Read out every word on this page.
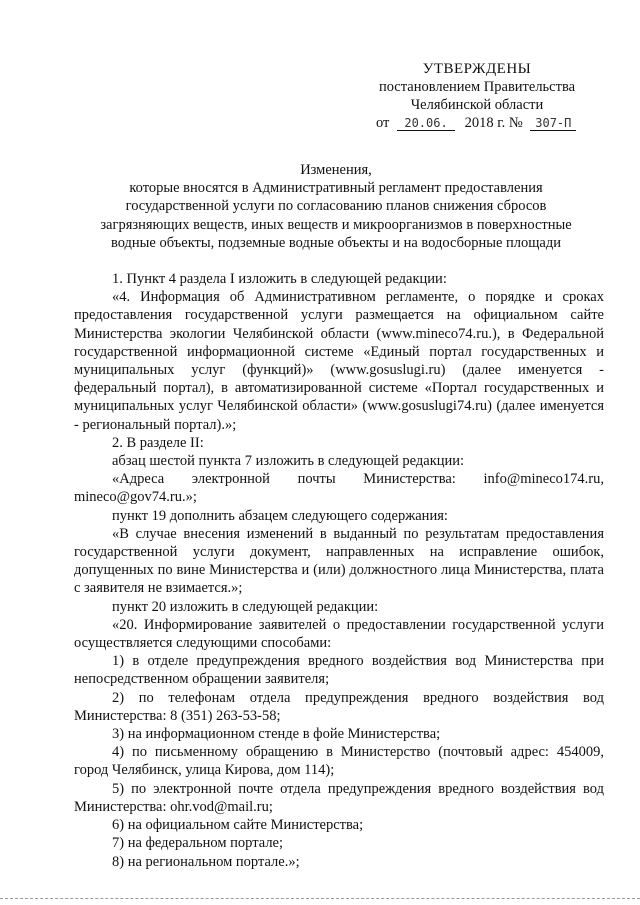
УТВЕРЖДЕНЫ
постановлением Правительства
Челябинской области
от 20.06. 2018 г. № 307-П
Изменения,
которые вносятся в Административный регламент предоставления
государственной услуги по согласованию планов снижения сбросов
загрязняющих веществ, иных веществ и микроорганизмов в поверхностные
водные объекты, подземные водные объекты и на водосборные площади

1. Пункт 4 раздела I изложить в следующей редакции:

«4. Информация об Административном регламенте, о порядке и сроках предоставления государственной услуги размещается на официальном сайте Министерства экологии Челябинской области (www.mineco74.ru.), в Федеральной государственной информационной системе «Единый портал государственных и муниципальных услуг (функций)» (www.gosuslugi.ru) (далее именуется - федеральный портал), в автоматизированной системе «Портал государственных и муниципальных услуг Челябинской области» (www.gosuslugi74.ru) (далее именуется - региональный портал).»;

2. В разделе II:

абзац шестой пункта 7 изложить в следующей редакции:

«Адреса электронной почты Министерства: info@mineco174.ru, mineco@gov74.ru.»;

пункт 19 дополнить абзацем следующего содержания:

«В случае внесения изменений в выданный по результатам предоставления государственной услуги документ, направленных на исправление ошибок, допущенных по вине Министерства и (или) должностного лица Министерства, плата с заявителя не взимается.»;

пункт 20 изложить в следующей редакции:

«20. Информирование заявителей о предоставлении государственной услуги осуществляется следующими способами:

1) в отделе предупреждения вредного воздействия вод Министерства при непосредственном обращении заявителя;

2) по телефонам отдела предупреждения вредного воздействия вод Министерства: 8 (351) 263-53-58;

3) на информационном стенде в фойе Министерства;

4) по письменному обращению в Министерство (почтовый адрес: 454009, город Челябинск, улица Кирова, дом 114);

5) по электронной почте отдела предупреждения вредного воздействия вод Министерства: ohr.vod@mail.ru;

6) на официальном сайте Министерства;

7) на федеральном портале;

8) на региональном портале.»;
